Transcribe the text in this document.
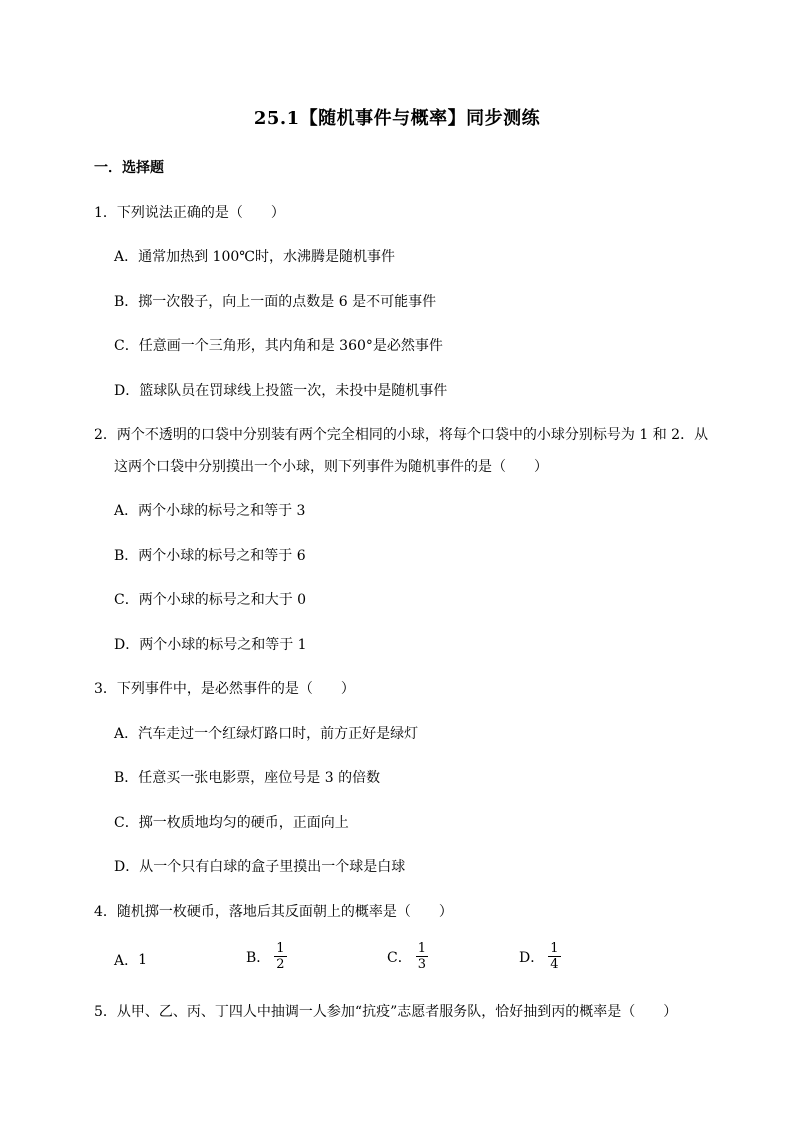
25.1【随机事件与概率】同步测练
一．选择题
1．下列说法正确的是（　　）
A．通常加热到 100℃时，水沸腾是随机事件
B．掷一次骰子，向上一面的点数是 6 是不可能事件
C．任意画一个三角形，其内角和是 360°是必然事件
D．篮球队员在罚球线上投篮一次，未投中是随机事件
2．两个不透明的口袋中分别装有两个完全相同的小球，将每个口袋中的小球分别标号为 1 和 2．从
这两个口袋中分别摸出一个小球，则下列事件为随机事件的是（　　）
A．两个小球的标号之和等于 3
B．两个小球的标号之和等于 6
C．两个小球的标号之和大于 0
D．两个小球的标号之和等于 1
3．下列事件中，是必然事件的是（　　）
A．汽车走过一个红绿灯路口时，前方正好是绿灯
B．任意买一张电影票，座位号是 3 的倍数
C．掷一枚质地均匀的硬币，正面向上
D．从一个只有白球的盒子里摸出一个球是白球
4．随机掷一枚硬币，落地后其反面朝上的概率是（　　）
A． 1	B． $\frac{1}{2}$	C． $\frac{1}{3}$	D． $\frac{1}{4}$
5．从甲、乙、丙、丁四人中抽调一人参加“抗疫”志愿者服务队，恰好抽到丙的概率是（　　）
